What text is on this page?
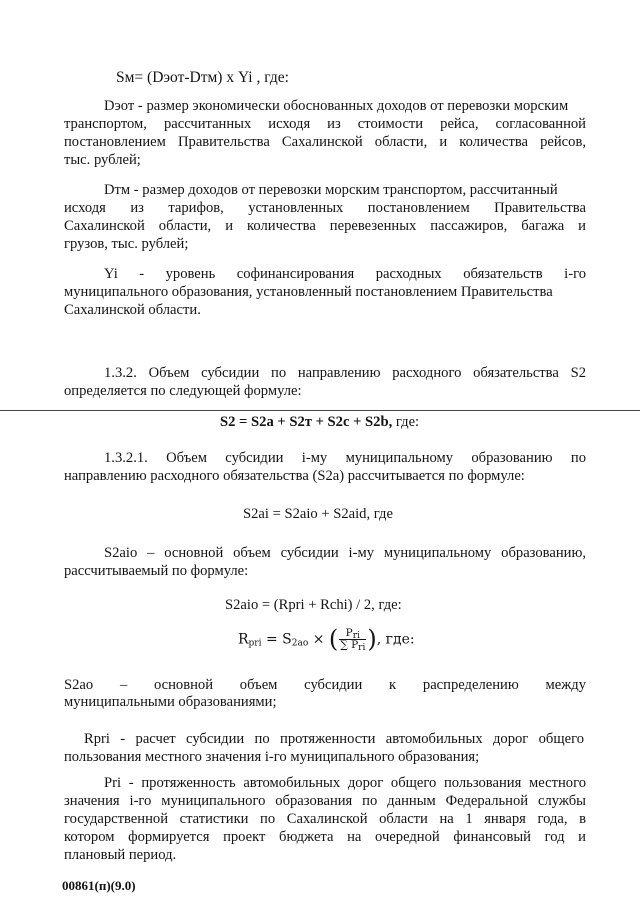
Sм= (Dэот-Dтм) х Yi , где:
Dэот - размер экономически обоснованных доходов от перевозки морским
транспортом, рассчитанных исходя из стоимости рейса, согласованной
постановлением Правительства Сахалинской области, и количества рейсов,
тыс. рублей;
Dтм - размер доходов от перевозки морским транспортом, рассчитанный
исходя из тарифов, установленных постановлением Правительства
Сахалинской области, и количества перевезенных пассажиров, багажа и
грузов, тыс. рублей;
Yi - уровень софинансирования расходных обязательств i-го
муниципального образования, установленный постановлением Правительства
Сахалинской области.
1.3.2. Объем субсидии по направлению расходного обязательства S2
определяется по следующей формуле:
S2 = S2a + S2т + S2c + S2b, где:
1.3.2.1. Объем субсидии i-му муниципальному образованию по
направлению расходного обязательства (S2a) рассчитывается по формуле:
S2ai = S2aio + S2aid, где
S2aio – основной объем субсидии i-му муниципальному образованию,
рассчитываемый по формуле:
S2aio = (Rpri + Rchi) / 2, где:
$R_{pri} = S_{2ao}$ × ( $\frac{P_{ri}}{\sum P_{ri}}$ ), где:
S2ao – основной объем субсидии к распределению между
муниципальными образованиями;
Rpri - расчет субсидии по протяженности автомобильных дорог общего
пользования местного значения i-го муниципального образования;
Pri - протяженность автомобильных дорог общего пользования местного
значения i-го муниципального образования по данным Федеральной службы
государственной статистики по Сахалинской области на 1 января года, в
котором формируется проект бюджета на очередной финансовый год и
плановый период.
00861(п)(9.0)
